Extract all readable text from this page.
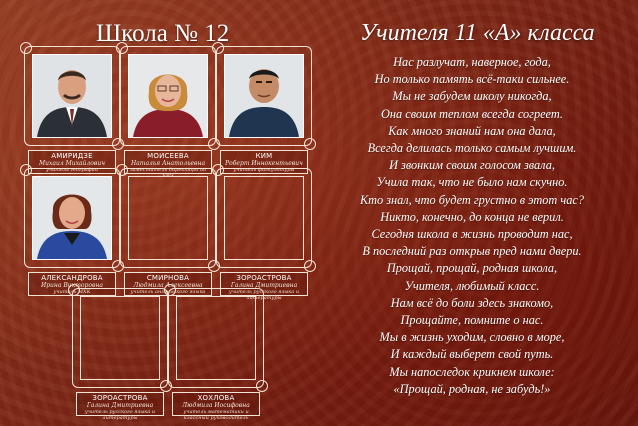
Школа № 12	Учителя 11 «А» класса
АМИРИДЗЕ
Михаил Михайлович
учитель географии
МОИСЕЕВА
Наталья Анатольевна
заместитель директора по УВЧ
КИМ
Роберт Иннокентьевич
учитель физкультуры
АЛЕКСАНДРОВА
Ирина Викторовна
учитель МХК
СМИРНОВА
Людмила Алексеевна
учитель английского языка
ЗОРОАСТРОВА
Галина Дмитриевна
учитель русского языка и литературы
ЗОРОАСТРОВА
Галина Дмитриевна
учитель русского языка и литературы
ХОХЛОВА
Людмила Иосифовна
учитель математики и классный руководитель
Нас разлучат, наверное, года,
Но только память всё-таки сильнее.
Мы не забудем школу никогда,
Она своим теплом всегда согреет.
Как много знаний нам она дала,
Всегда делилась только самым лучшим.
И звонким своим голосом звала,
Учила так, что не было нам скучно.
Кто знал, что будет грустно в этот час?
Никто, конечно, до конца не верил.
Сегодня школа в жизнь проводит нас,
В последний раз открыв пред нами двери.
Прощай, прощай, родная школа,
Учителя, любимый класс.
Нам всё до боли здесь знакомо,
Прощайте, помните о нас.
Мы в жизнь уходим, словно в море,
И каждый выберет свой путь.
Мы напоследок крикнем школе:
«Прощай, родная, не забудь!»
